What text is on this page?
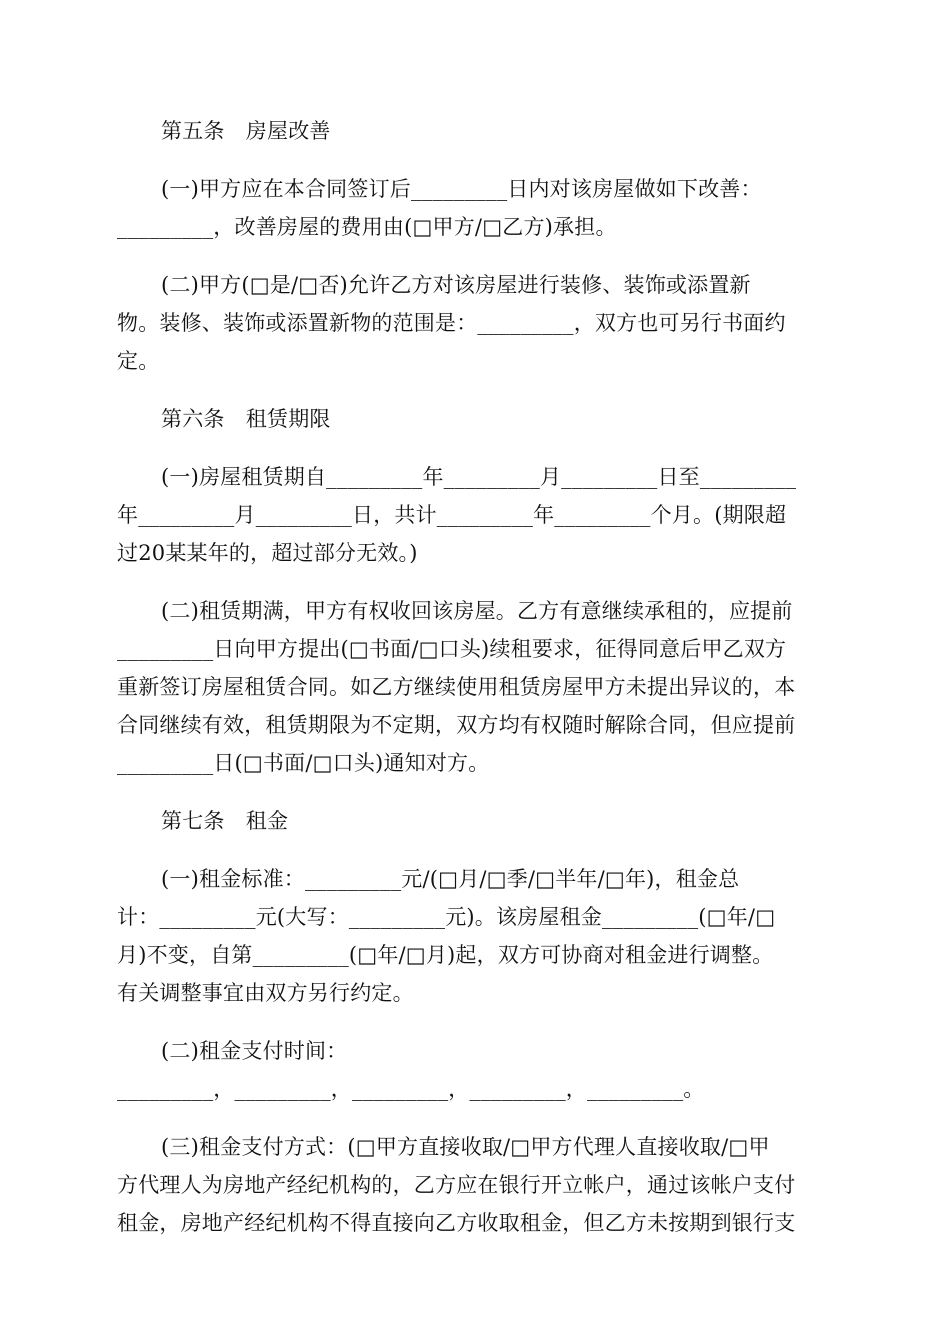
第五条　房屋改善
(一)甲方应在本合同签订后_________日内对该房屋做如下改善：
_________，改善房屋的费用由(□甲方/□乙方)承担。
(二)甲方(□是/□否)允许乙方对该房屋进行装修、装饰或添置新
物。装修、装饰或添置新物的范围是：_________，双方也可另行书面约
定。
第六条　租赁期限
(一)房屋租赁期自_________年_________月_________日至_________
年_________月_________日，共计_________年_________个月。(期限超
过20某某年的，超过部分无效。)
(二)租赁期满，甲方有权收回该房屋。乙方有意继续承租的，应提前
_________日向甲方提出(□书面/□口头)续租要求，征得同意后甲乙双方
重新签订房屋租赁合同。如乙方继续使用租赁房屋甲方未提出异议的，本
合同继续有效，租赁期限为不定期，双方均有权随时解除合同，但应提前
_________日(□书面/□口头)通知对方。
第七条　租金
(一)租金标准：_________元/(□月/□季/□半年/□年)，租金总
计：_________元(大写：_________元)。该房屋租金_________(□年/□
月)不变，自第_________(□年/□月)起，双方可协商对租金进行调整。
有关调整事宜由双方另行约定。
(二)租金支付时间：
_________，_________，_________，_________，_________。
(三)租金支付方式：(□甲方直接收取/□甲方代理人直接收取/□甲
方代理人为房地产经纪机构的，乙方应在银行开立帐户，通过该帐户支付
租金，房地产经纪机构不得直接向乙方收取租金，但乙方未按期到银行支
